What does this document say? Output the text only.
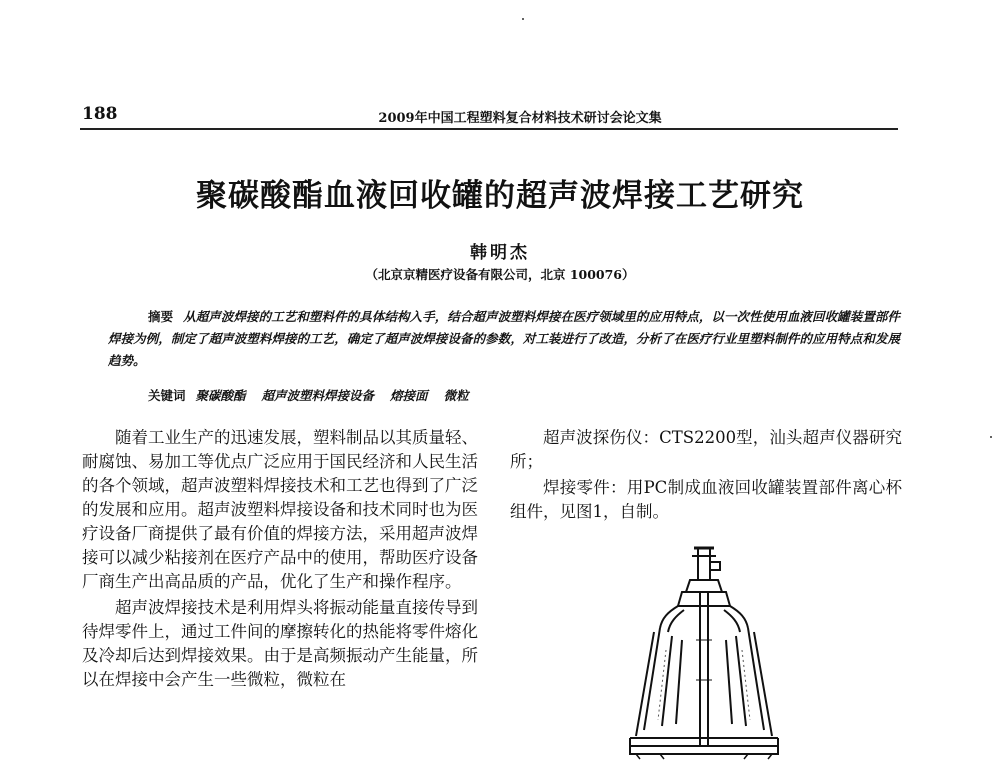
188	2009年中国工程塑料复合材料技术研讨会论文集
聚碳酸酯血液回收罐的超声波焊接工艺研究
韩明杰
（北京京精医疗设备有限公司，北京 100076）
摘要 从超声波焊接的工艺和塑料件的具体结构入手，结合超声波塑料焊接在医疗领域里的应用特点，以一次性使用血液回收罐装置部件焊接为例，制定了超声波塑料焊接的工艺，确定了超声波焊接设备的参数，对工装进行了改造，分析了在医疗行业里塑料制件的应用特点和发展趋势。
关键词 聚碳酸酯 超声波塑料焊接设备 熔接面 微粒

随着工业生产的迅速发展，塑料制品以其质量轻、耐腐蚀、易加工等优点广泛应用于国民经济和人民生活的各个领域，超声波塑料焊接技术和工艺也得到了广泛的发展和应用。超声波塑料焊接设备和技术同时也为医疗设备厂商提供了最有价值的焊接方法，采用超声波焊接可以减少粘接剂在医疗产品中的使用，帮助医疗设备厂商生产出高品质的产品，优化了生产和操作程序。

超声波焊接技术是利用焊头将振动能量直接传导到待焊零件上，通过工件间的摩擦转化的热能将零件熔化及冷却后达到焊接效果。由于是高频振动产生能量，所以在焊接中会产生一些微粒，微粒在

超声波探伤仪：CTS2200型，汕头超声仪器研究所；

焊接零件：用PC制成血液回收罐装置部件离心杯组件，见图1，自制。
